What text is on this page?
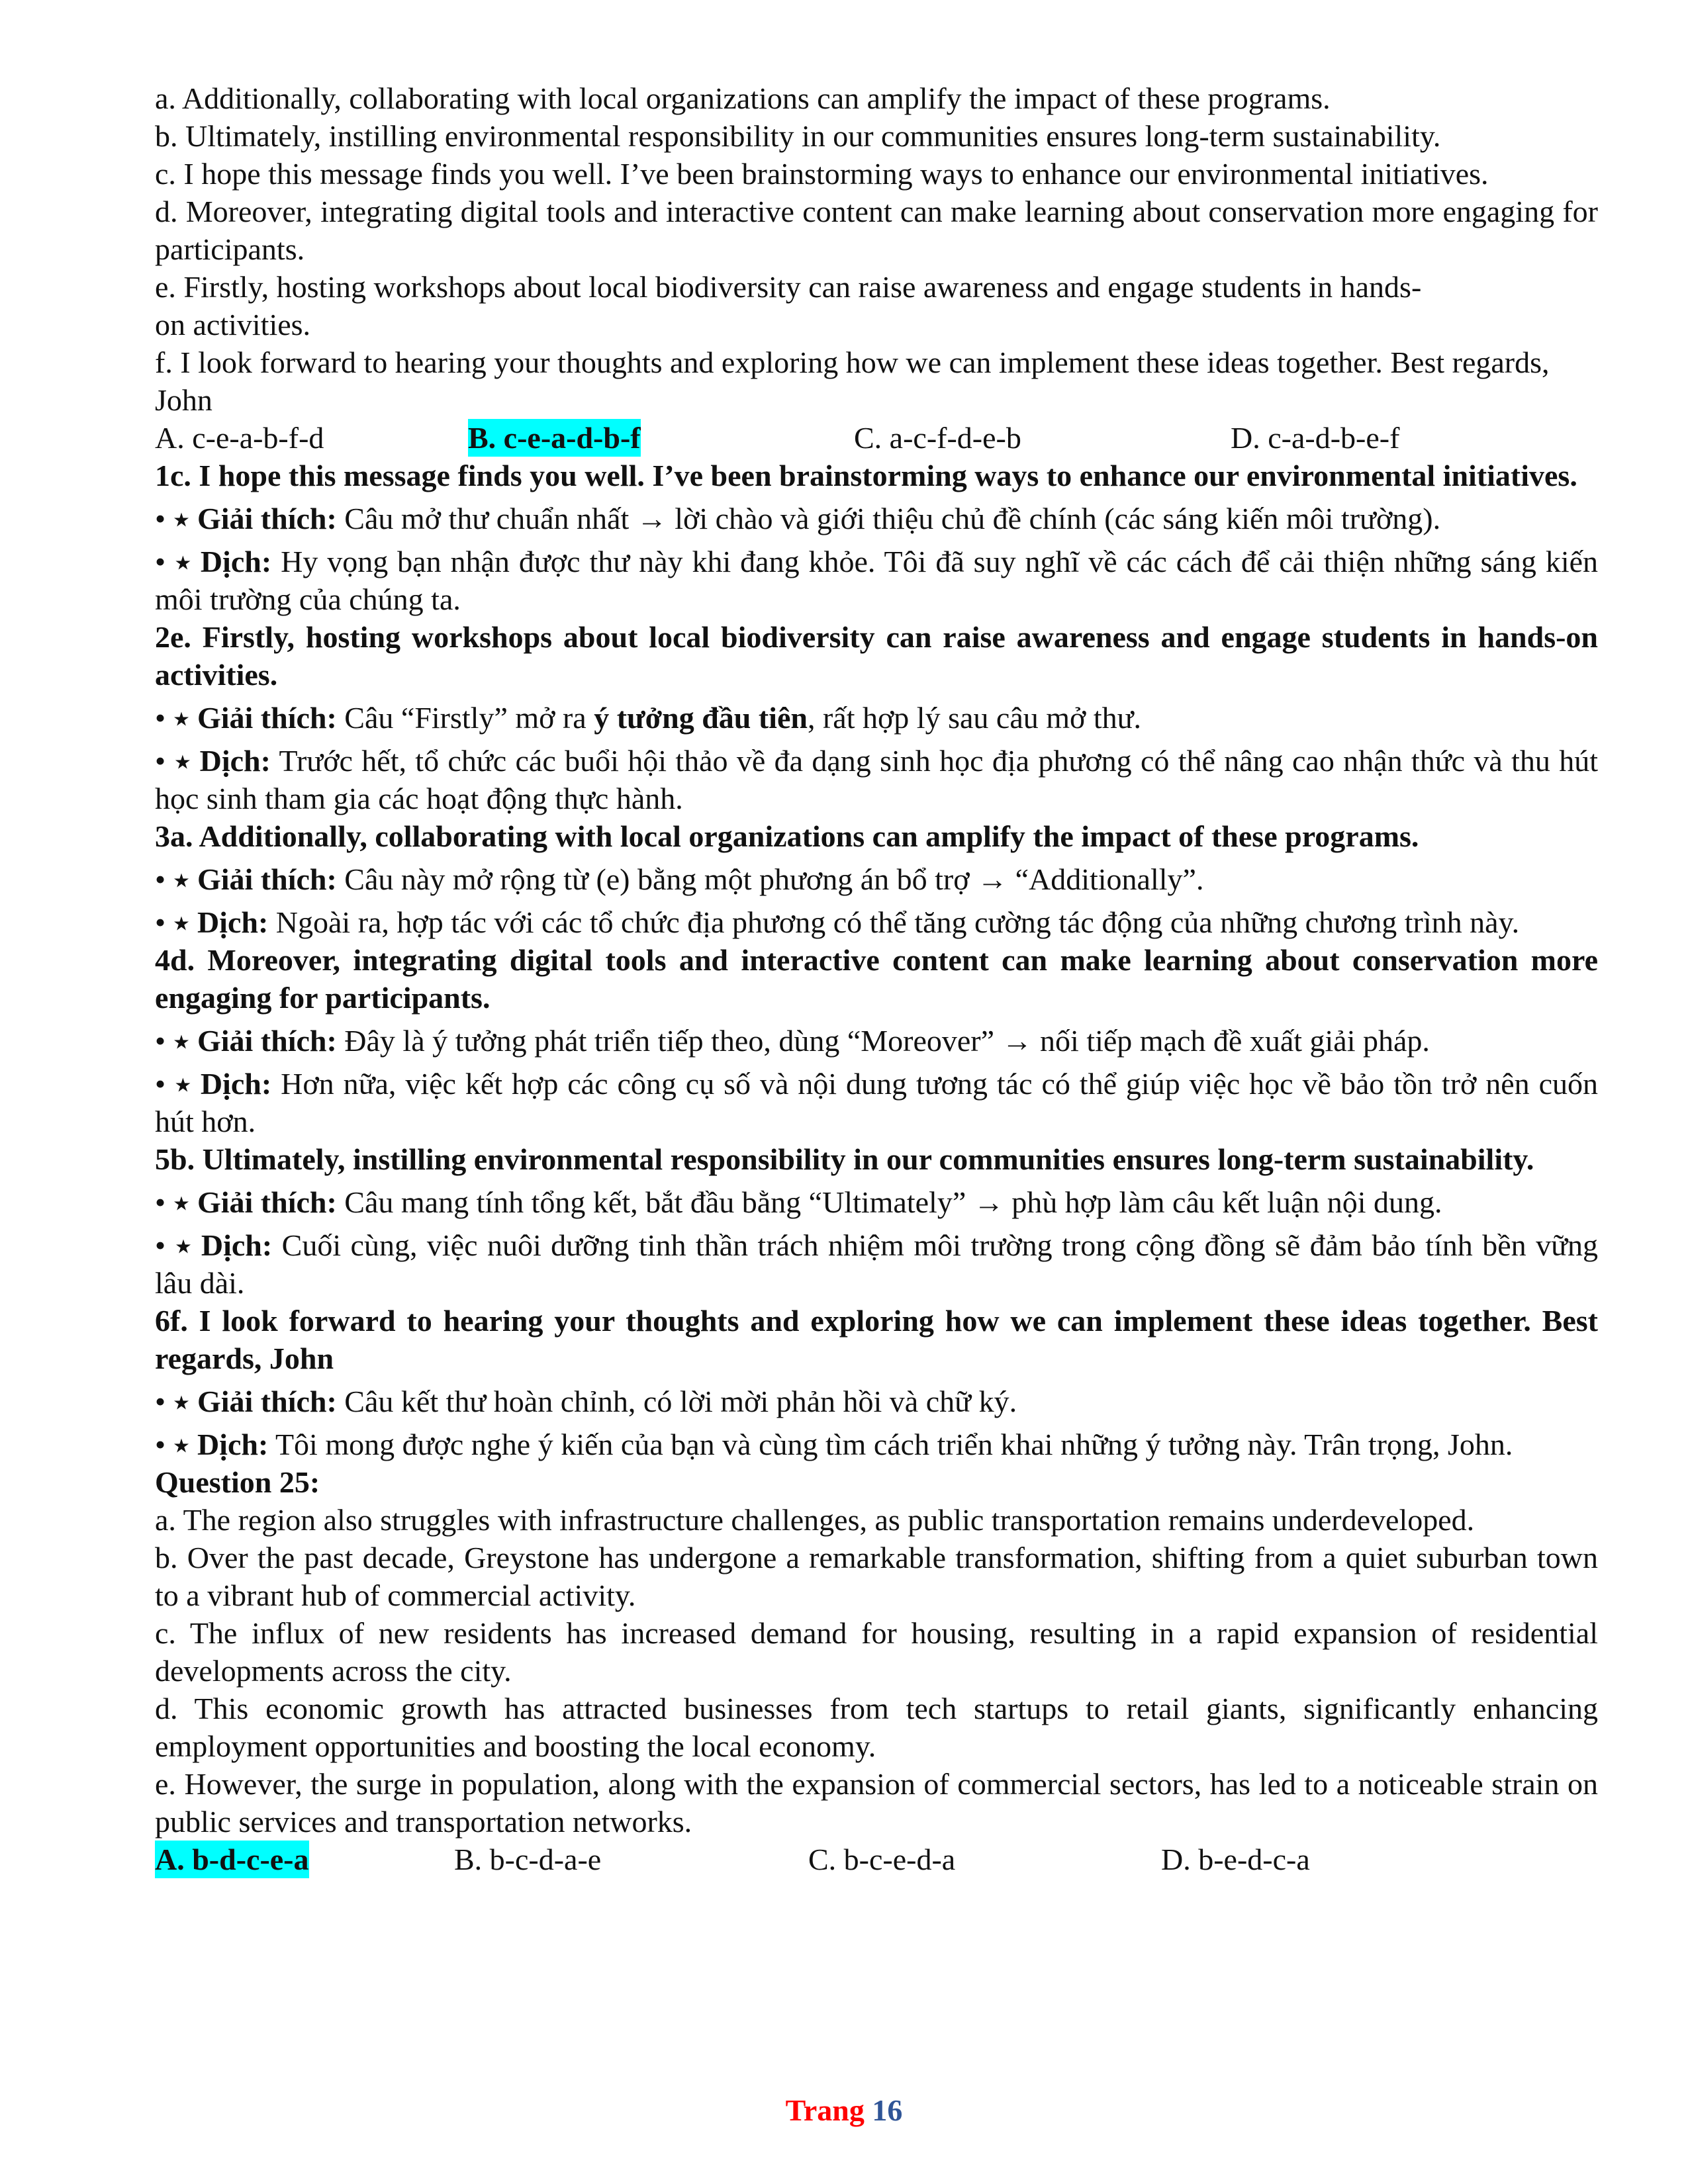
a. Additionally, collaborating with local organizations can amplify the impact of these programs.

b. Ultimately, instilling environmental responsibility in our communities ensures long-term sustainability.

c. I hope this message finds you well. I’ve been brainstorming ways to enhance our environmental initiatives.

d. Moreover, integrating digital tools and interactive content can make learning about conservation more engaging for participants.

e. Firstly, hosting workshops about local biodiversity can raise awareness and engage students in hands-
on activities.

f. I look forward to hearing your thoughts and exploring how we can implement these ideas together. Best regards,

John

A. c-e-a-b-f-d	B. c-e-a-d-b-f	C. a-c-f-d-e-b	D. c-a-d-b-e-f

1c. I hope this message finds you well. I’ve been brainstorming ways to enhance our environmental initiatives.

• ⭑ Giải thích: Câu mở thư chuẩn nhất → lời chào và giới thiệu chủ đề chính (các sáng kiến môi trường).

• ⭑ Dịch: Hy vọng bạn nhận được thư này khi đang khỏe. Tôi đã suy nghĩ về các cách để cải thiện những sáng kiến môi trường của chúng ta.

2e. Firstly, hosting workshops about local biodiversity can raise awareness and engage students in hands-on activities.

• ⭑ Giải thích: Câu “Firstly” mở ra ý tưởng đầu tiên, rất hợp lý sau câu mở thư.

• ⭑ Dịch: Trước hết, tổ chức các buổi hội thảo về đa dạng sinh học địa phương có thể nâng cao nhận thức và thu hút học sinh tham gia các hoạt động thực hành.

3a. Additionally, collaborating with local organizations can amplify the impact of these programs.

• ⭑ Giải thích: Câu này mở rộng từ (e) bằng một phương án bổ trợ → “Additionally”.

• ⭑ Dịch: Ngoài ra, hợp tác với các tổ chức địa phương có thể tăng cường tác động của những chương trình này.

4d. Moreover, integrating digital tools and interactive content can make learning about conservation more engaging for participants.

• ⭑ Giải thích: Đây là ý tưởng phát triển tiếp theo, dùng “Moreover” → nối tiếp mạch đề xuất giải pháp.

• ⭑ Dịch: Hơn nữa, việc kết hợp các công cụ số và nội dung tương tác có thể giúp việc học về bảo tồn trở nên cuốn hút hơn.

5b. Ultimately, instilling environmental responsibility in our communities ensures long-term sustainability.

• ⭑ Giải thích: Câu mang tính tổng kết, bắt đầu bằng “Ultimately” → phù hợp làm câu kết luận nội dung.

• ⭑ Dịch: Cuối cùng, việc nuôi dưỡng tinh thần trách nhiệm môi trường trong cộng đồng sẽ đảm bảo tính bền vững lâu dài.

6f. I look forward to hearing your thoughts and exploring how we can implement these ideas together. Best regards, John

• ⭑ Giải thích: Câu kết thư hoàn chỉnh, có lời mời phản hồi và chữ ký.

• ⭑ Dịch: Tôi mong được nghe ý kiến của bạn và cùng tìm cách triển khai những ý tưởng này. Trân trọng, John.

Question 25:

a. The region also struggles with infrastructure challenges, as public transportation remains underdeveloped.

b. Over the past decade, Greystone has undergone a remarkable transformation, shifting from a quiet suburban town to a vibrant hub of commercial activity.

c. The influx of new residents has increased demand for housing, resulting in a rapid expansion of residential developments across the city.

d. This economic growth has attracted businesses from tech startups to retail giants, significantly enhancing employment opportunities and boosting the local economy.

e. However, the surge in population, along with the expansion of commercial sectors, has led to a noticeable strain on public services and transportation networks.

A. b-d-c-e-a	B. b-c-d-a-e	C. b-c-e-d-a	D. b-e-d-c-a
Trang 16
